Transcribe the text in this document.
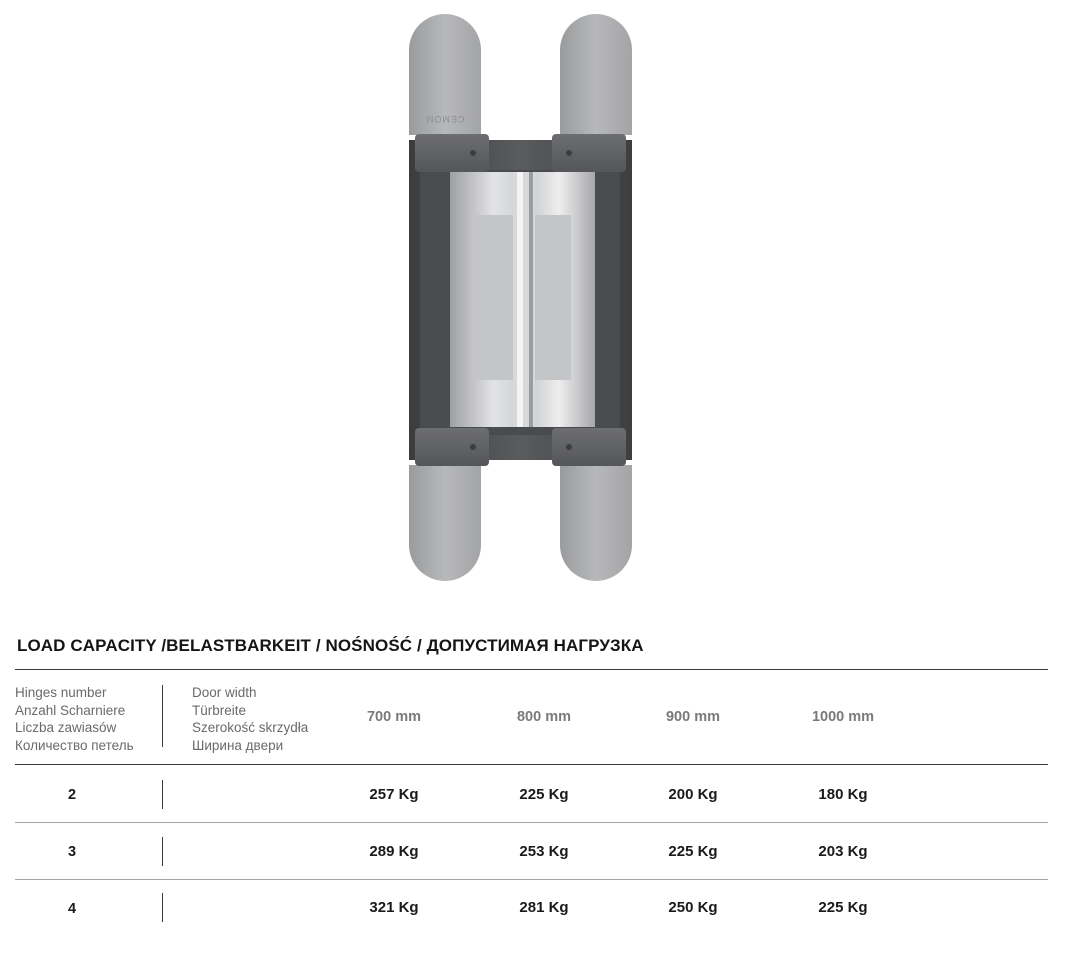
CEMOM
LOAD CAPACITY /BELASTBARKEIT / NOŚNOŚĆ / ДОПУСТИМАЯ НАГРУЗКА
Hinges number
Anzahl Scharniere
Liczba zawiasów
Количество петель
Door width
Türbreite
Szerokość skrzydła
Ширина двери
700 mm	800 mm	900 mm	1000 mm
2	257 Kg	225 Kg	200 Kg	180 Kg
3	289 Kg	253 Kg	225 Kg	203 Kg
4	321 Kg	281 Kg	250 Kg	225 Kg
